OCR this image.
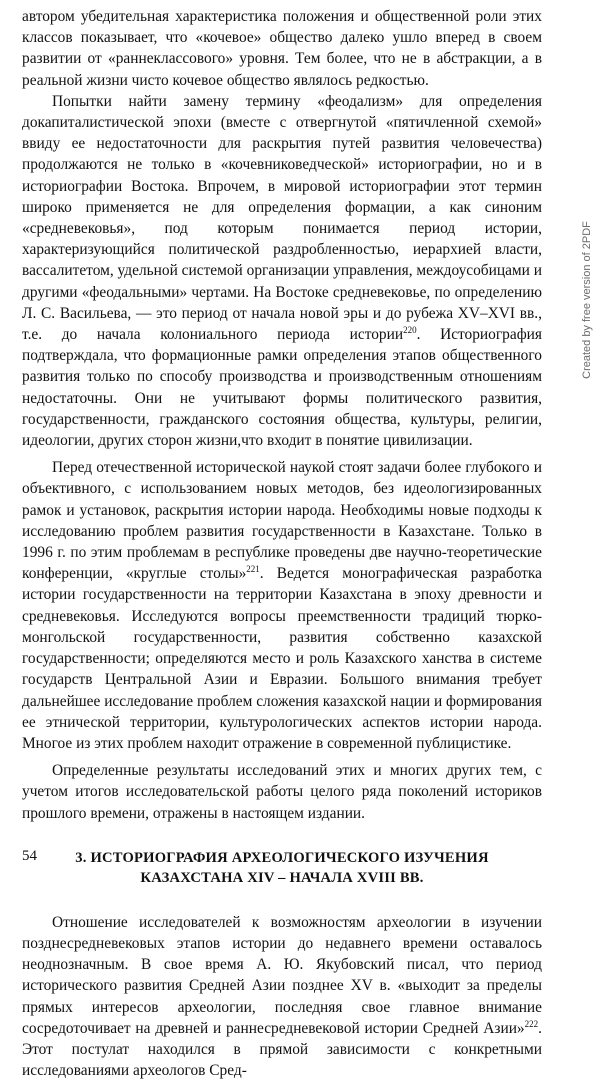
автором убедительная характеристика положения и общественной роли этих классов показывает, что «кочевое» общество далеко ушло вперед в своем развитии от «раннеклассового» уровня. Тем более, что не в абстракции, а в реальной жизни чисто кочевое общество являлось редкостью.

Попытки найти замену термину «феодализм» для определения докапиталистической эпохи (вместе с отвергнутой «пятичленной схемой» ввиду ее недостаточности для раскрытия путей развития человечества) продолжаются не только в «кочевниковедческой» историографии, но и в историографии Востока. Впрочем, в мировой историографии этот термин широко применяется не для определения формации, а как синоним «средневековья», под которым понимается период истории, характеризующийся политической раздробленностью, иерархией власти, вассалитетом, удельной системой организации управления, междоусобицами и другими «феодальными» чертами. На Востоке средневековье, по определению Л. С. Васильева, — это период от начала новой эры и до рубежа XV–XVI вв., т.е. до начала колониального периода истории$^{220}$. Историография подтверждала, что формационные рамки определения этапов общественного развития только по способу производства и производственным отношениям недостаточны. Они не учитывают формы политического развития, государственности, гражданского состояния общества, культуры, религии, идеологии, других сторон жизни,что входит в понятие цивилизации.

Перед отечественной исторической наукой стоят задачи более глубокого и объективного, с использованием новых методов, без идеологизированных рамок и установок, раскрытия истории народа. Необходимы новые подходы к исследованию проблем развития государственности в Казахстане. Только в 1996 г. по этим проблемам в республике проведены две научно-теоретические конференции, «круглые столы»$^{221}$. Ведется монографическая разработка истории государственности на территории Казахстана в эпоху древности и средневековья. Исследуются вопросы преемственности традиций тюрко-монгольской государственности, развития собственно казахской государственности; определяются место и роль Казахского ханства в системе государств Центральной Азии и Евразии. Большого внимания требует дальнейшее исследование проблем сложения казахской нации и формирования ее этнической территории, культурологических аспектов истории народа. Многое из этих проблем находит отражение в современной публицистике.

Определенные результаты исследований этих и многих других тем, с учетом итогов исследовательской работы целого ряда поколений историков прошлого времени, отражены в настоящем издании.

3. ИСТОРИОГРАФИЯ АРХЕОЛОГИЧЕСКОГО ИЗУЧЕНИЯ
КАЗАХСТАНА XIV – НАЧАЛА XVIII ВВ.

Отношение исследователей к возможностям археологии в изучении позднесредневековых этапов истории до недавнего времени оставалось неоднозначным. В свое время А. Ю. Якубовский писал, что период исторического развития Средней Азии позднее XV в. «выходит за пределы прямых интересов археологии, последняя свое главное внимание сосредоточивает на древней и раннесредневековой истории Средней Азии»$^{222}$. Этот постулат находился в прямой зависимости с конкретными исследованиями археологов Сред-

54
Created by free version of 2PDF
